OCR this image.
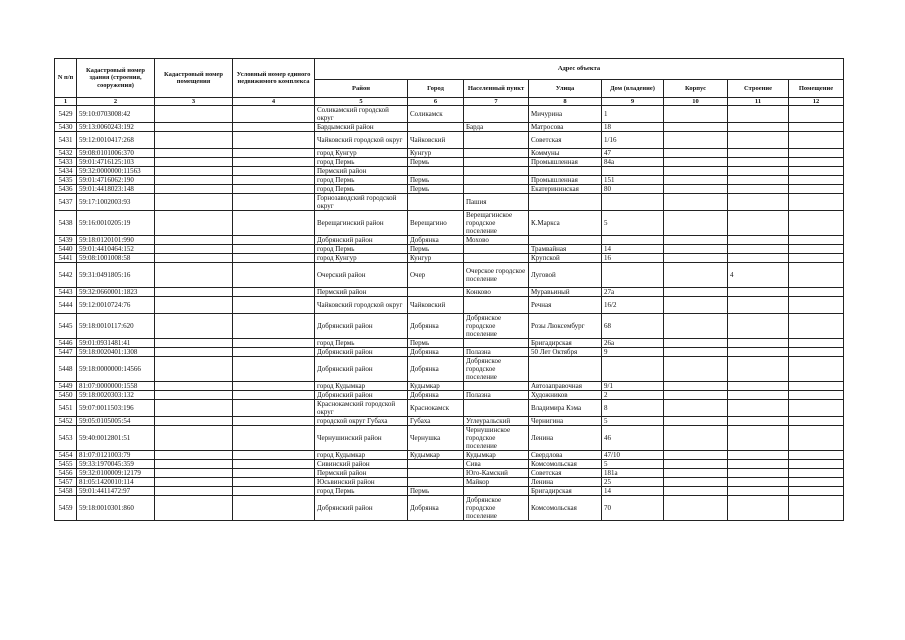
N п/п	Кадастровый номер здания (строения, сооружения)	Кадастровый номер помещения	Условный номер единого недвижимого комплекса	Адрес объекта							
				Район	Город	Населенный пункт	Улица	Дом (владение)	Корпус	Строение	Помещение
1	2	3	4	5	6	7	8	9	10	11	12
5429	59:10:0703008:42			Соликамский городской округ	Соликамск		Мичурина	1			
5430	59:13:0060243:192			Бардымский район		Барда	Матросова	18			
5431	59:12:0010417:268			Чайковский городской округ	Чайковский		Советская	1/16			
5432	59:08:0101006:370			город Кунгур	Кунгур		Коммуны	47			
5433	59:01:4716125:103			город Пермь	Пермь		Промышленная	84а			
5434	59:32:0000000:11563			Пермский район							
5435	59:01:4716062:190			город Пермь	Пермь		Промышленная	151			
5436	59:01:4418023:148			город Пермь	Пермь		Екатерининская	80			
5437	59:17:1002003:93			Горнозаводский городской округ		Пашия					
5438	59:16:0010205:19			Верещагинский район	Верещагино	Верещагинское городское поселение	К.Маркса	5			
5439	59:18:0120101:990			Добрянский район	Добрянка	Моховo					
5440	59:01:4410464:152			город Пермь	Пермь		Трамвайная	14			
5441	59:08:1001008:58			город Кунгур	Кунгур		Крупской	16			
5442	59:31:0491805:16			Очерский район	Очер	Очерское городское поселение	Луговой			4	
5443	59:32:0660001:1823			Пермский район		Конково	Муравьиный	27а			
5444	59:12:0010724:76			Чайковский городской округ	Чайковский		Речная	16/2			
5445	59:18:0010117:620			Добрянский район	Добрянка	Добрянское городское поселение	Розы Люксембург	68			
5446	59:01:0931481:41			город Пермь	Пермь		Бригадирская	26а			
5447	59:18:0020401:1308			Добрянский район	Добрянка	Полазна	50 Лет Октября	9			
5448	59:18:0000000:14566			Добрянский район	Добрянка	Добрянское городское поселение					
5449	81:07:0000000:1558			город Кудымкар	Кудымкар		Автозаправочная	9/1			
5450	59:18:0020303:132			Добрянский район	Добрянка	Полазна	Художников	2			
5451	59:07:0011503:196			Краснокамский городской округ	Краснокамск		Владимира Кэма	8			
5452	59:05:0105005:54			городской округ Губаха	Губаха	Углеуральский	Чернигина	5			
5453	59:40:0012801:51			Чернушинский район	Чернушка	Чернушинское городское поселение	Ленина	46			
5454	81:07:0121003:79			город Кудымкар	Кудымкар	Кудымкар	Свердлова	47/10			
5455	59:33:1970045:359			Сивинский район		Сива	Комсомольская	5			
5456	59:32:0100009:12179			Пермский район		Юго-Камский	Советская	181а			
5457	81:05:1420010:114			Юсьвинский район		Майкор	Ленина	25			
5458	59:01:4411472:97			город Пермь	Пермь		Бригадирская	14			
5459	59:18:0010301:860			Добрянский район	Добрянка	Добрянское городское поселение	Комсомольская	70			
